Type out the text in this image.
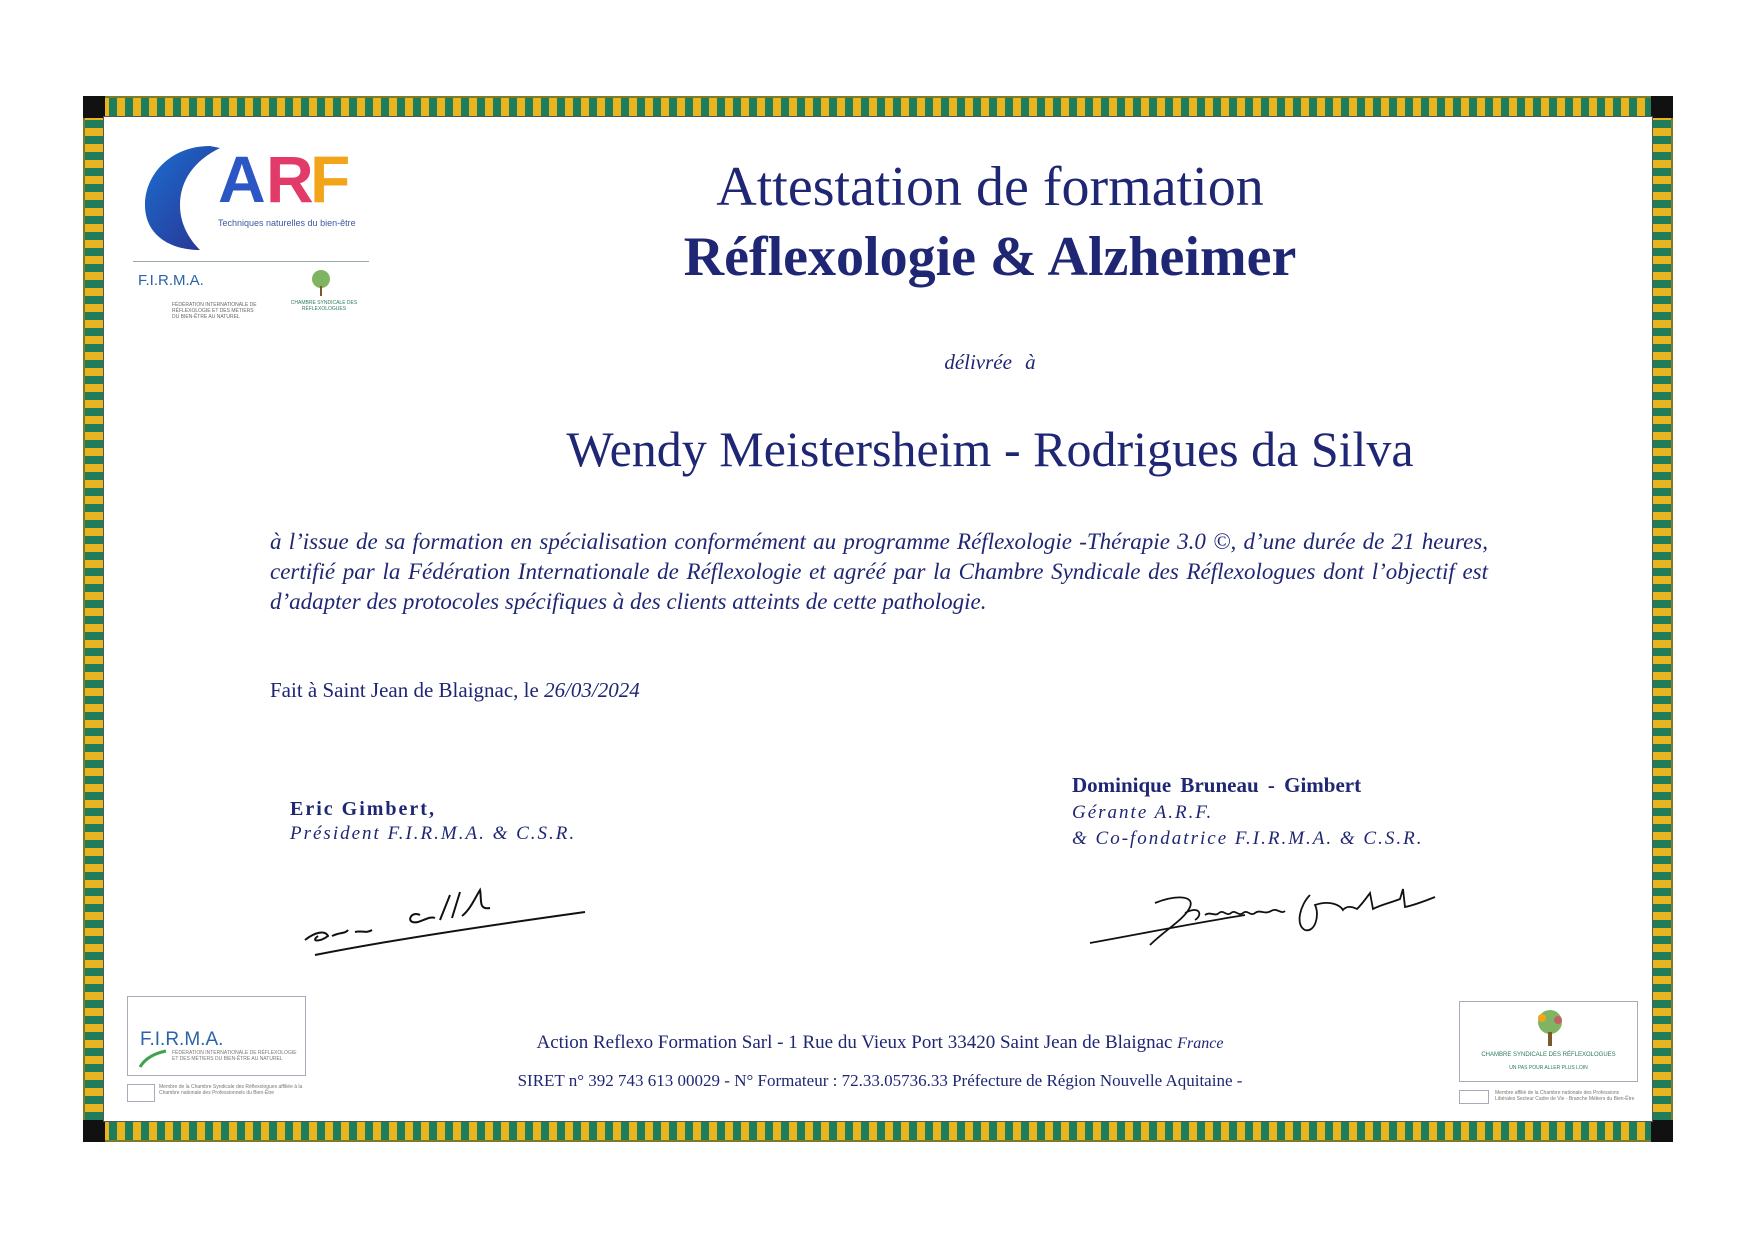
A R
F
Techniques naturelles du bien-être
F.I.R.M.A.
FÉDÉRATION INTERNATIONALE DE RÉFLEXOLOGIE ET DES MÉTIERS DU BIEN-ÊTRE AU NATUREL
CHAMBRE SYNDICALE DES RÉFLEXOLOGUES
Attestation de formation
Réflexologie & Alzheimer
délivrée à
Wendy Meistersheim - Rodrigues da Silva
à l’issue de sa formation en spécialisation conformément au programme Réflexologie -Thérapie 3.0 ©, d’une durée de 21 heures, certifié par la Fédération Internationale de Réflexologie et agréé par la Chambre Syndicale des Réflexologues dont l’objectif est d’adapter des protocoles spécifiques à des clients atteints de cette pathologie.
Fait à Saint Jean de Blaignac, le 26/03/2024
Eric Gimbert,
Président F.I.R.M.A. & C.S.R.
Dominique Bruneau - Gimbert
Gérante A.R.F.
& Co-fondatrice F.I.R.M.A. & C.S.R.
F.I.R.M.A.
FÉDÉRATION INTERNATIONALE DE RÉFLEXOLOGIE ET DES MÉTIERS DU BIEN-ÊTRE AU NATUREL
Membre de la Chambre Syndicale des Réflexologues affiliée à la Chambre nationale des Professionnels du Bien-Être
CHAMBRE SYNDICALE DES RÉFLEXOLOGUES
UN PAS POUR ALLER PLUS LOIN
Membre affilié de la Chambre nationale des Professions Libérales Secteur Cadre de Vie - Branche Métiers du Bien-Être
Action Reflexo Formation Sarl - 1 Rue du Vieux Port 33420 Saint Jean de Blaignac France
SIRET n° 392 743 613 00029 - N° Formateur : 72.33.05736.33 Préfecture de Région Nouvelle Aquitaine -
